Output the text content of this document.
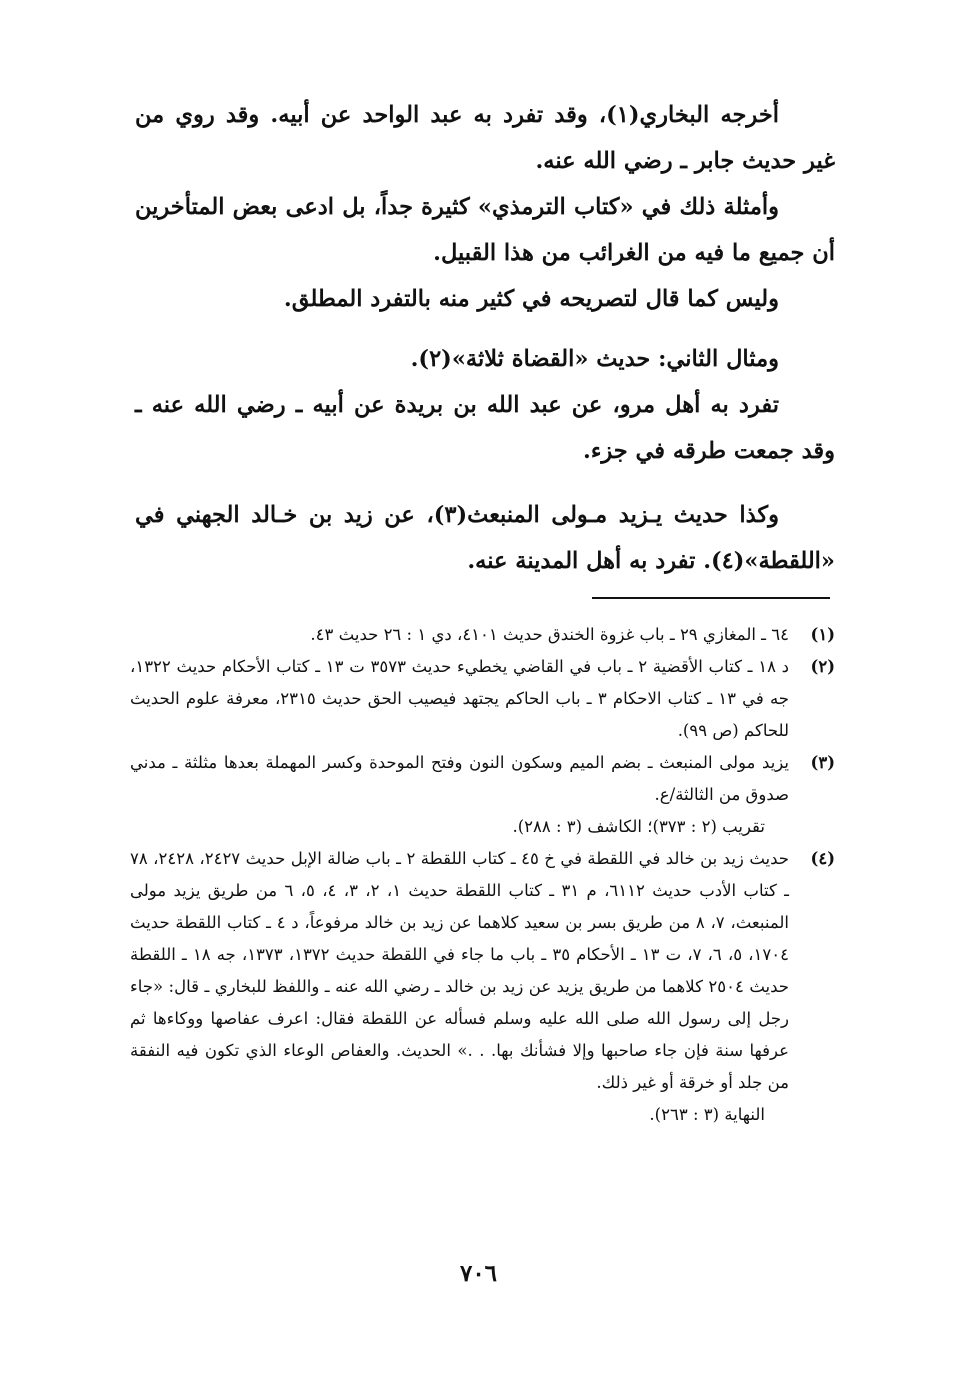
أخرجه البخاري(١)، وقد تفرد به عبد الواحد عن أبيه. وقد روي من غير حديث جابر ـ رضي الله عنه.

وأمثلة ذلك في «كتاب الترمذي» كثيرة جداً، بل ادعى بعض المتأخرين أن جميع ما فيه من الغرائب من هذا القبيل.

وليس كما قال لتصريحه في كثير منه بالتفرد المطلق.

ومثال الثاني: حديث «القضاة ثلاثة»(٢).

تفرد به أهل مرو، عن عبد الله بن بريدة عن أبيه ـ رضي الله عنه ـ وقد جمعت طرقه في جزء.

وكذا حديث يـزيد مـولى المنبعث(٣)، عن زيد بن خـالد الجهني في «اللقطة»(٤). تفرد به أهل المدينة عنه.

(١)

٦٤ ـ المغازي ٢٩ ـ باب غزوة الخندق حديث ٤١٠١، دي ١ : ٢٦ حديث ٤٣.

(٢)

د ١٨ ـ كتاب الأقضية ٢ ـ باب في القاضي يخطيء حديث ٣٥٧٣ ت ١٣ ـ كتاب الأحكام حديث ١٣٢٢، جه في ١٣ ـ كتاب الاحكام ٣ ـ باب الحاكم يجتهد فيصيب الحق حديث ٢٣١٥، معرفة علوم الحديث للحاكم (ص ٩٩).

(٣)

يزيد مولى المنبعث ـ بضم الميم وسكون النون وفتح الموحدة وكسر المهملة بعدها مثلثة ـ مدني صدوق من الثالثة/ع.

تقريب (٢ : ٣٧٣)؛ الكاشف (٣ : ٢٨٨).

(٤)

حديث زيد بن خالد في اللقطة في خ ٤٥ ـ كتاب اللقطة ٢ ـ باب ضالة الإبل حديث ٢٤٢٧، ٢٤٢٨، ٧٨ ـ كتاب الأدب حديث ٦١١٢، م ٣١ ـ كتاب اللقطة حديث ١، ٢، ٣، ٤، ٥، ٦ من طريق يزيد مولى المنبعث، ٧، ٨ من طريق بسر بن سعيد كلاهما عن زيد بن خالد مرفوعاً، د ٤ ـ كتاب اللقطة حديث ١٧٠٤، ٥، ٦، ٧، ت ١٣ ـ الأحكام ٣٥ ـ باب ما جاء في اللقطة حديث ١٣٧٢، ١٣٧٣، جه ١٨ ـ اللقطة حديث ٢٥٠٤ كلاهما من طريق يزيد عن زيد بن خالد ـ رضي الله عنه ـ واللفظ للبخاري ـ قال: «جاء رجل إلى رسول الله صلى الله عليه وسلم فسأله عن اللقطة فقال: اعرف عفاصها ووكاءها ثم عرفها سنة فإن جاء صاحبها وإلا فشأنك بها. . .» الحديث. والعفاص الوعاء الذي تكون فيه النفقة من جلد أو خرقة أو غير ذلك.

النهاية (٣ : ٢٦٣).

٧٠٦
